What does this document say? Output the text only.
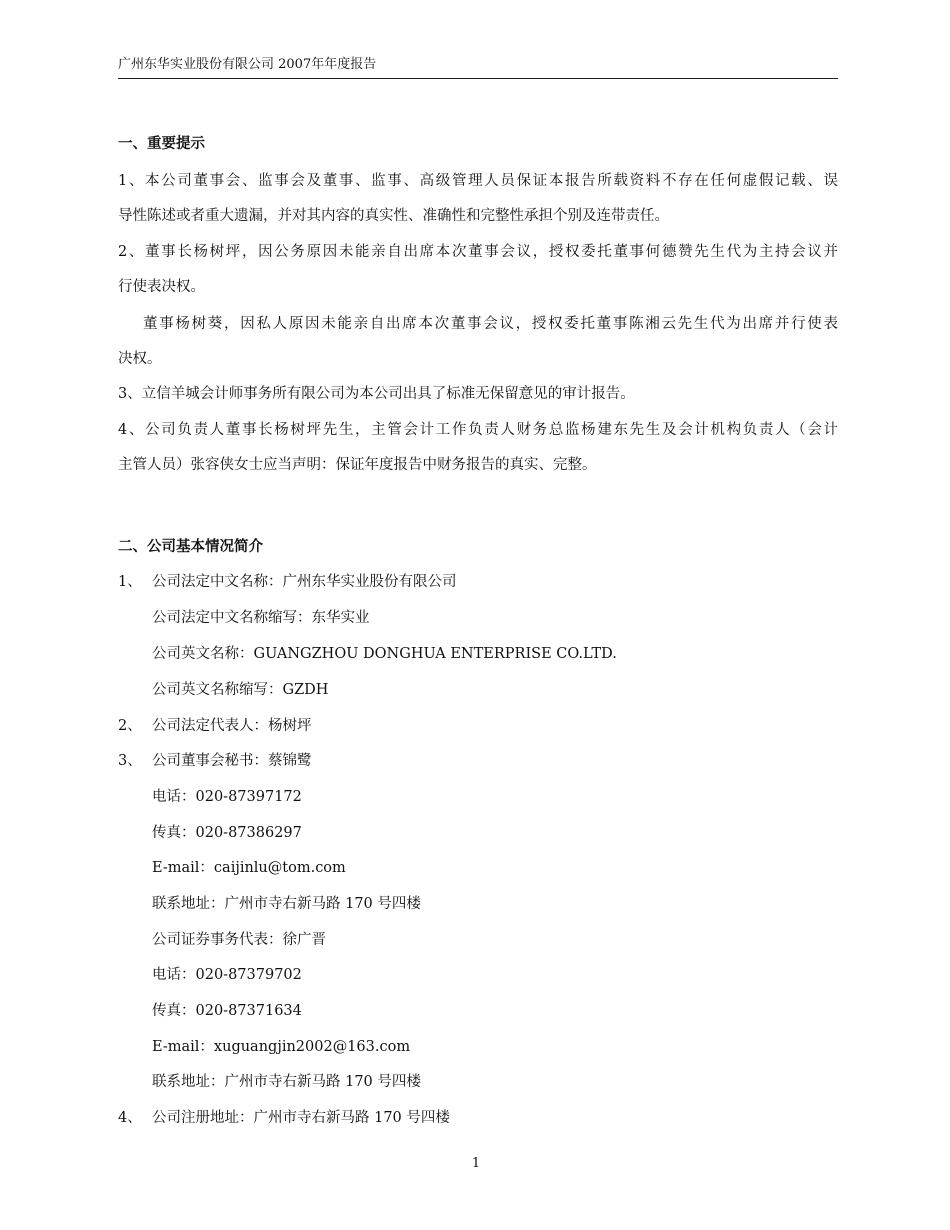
广州东华实业股份有限公司 2007年年度报告
一、重要提示
1、本公司董事会、监事会及董事、监事、高级管理人员保证本报告所载资料不存在任何虚假记载、误
导性陈述或者重大遗漏，并对其内容的真实性、准确性和完整性承担个别及连带责任。
2、董事长杨树坪，因公务原因未能亲自出席本次董事会议，授权委托董事何德赞先生代为主持会议并
行使表决权。
董事杨树葵，因私人原因未能亲自出席本次董事会议，授权委托董事陈湘云先生代为出席并行使表
决权。
3、立信羊城会计师事务所有限公司为本公司出具了标准无保留意见的审计报告。
4、公司负责人董事长杨树坪先生，主管会计工作负责人财务总监杨建东先生及会计机构负责人（会计
主管人员）张容侠女士应当声明：保证年度报告中财务报告的真实、完整。
二、公司基本情况简介
1、 公司法定中文名称：广州东华实业股份有限公司
公司法定中文名称缩写：东华实业
公司英文名称：GUANGZHOU DONGHUA ENTERPRISE CO.LTD.
公司英文名称缩写：GZDH
2、 公司法定代表人：杨树坪
3、 公司董事会秘书：蔡锦鹭
电话：020-87397172
传真：020-87386297
E-mail：caijinlu@tom.com
联系地址：广州市寺右新马路 170 号四楼
公司证券事务代表：徐广晋
电话：020-87379702
传真：020-87371634
E-mail：xuguangjin2002@163.com
联系地址：广州市寺右新马路 170 号四楼
4、 公司注册地址：广州市寺右新马路 170 号四楼
1
